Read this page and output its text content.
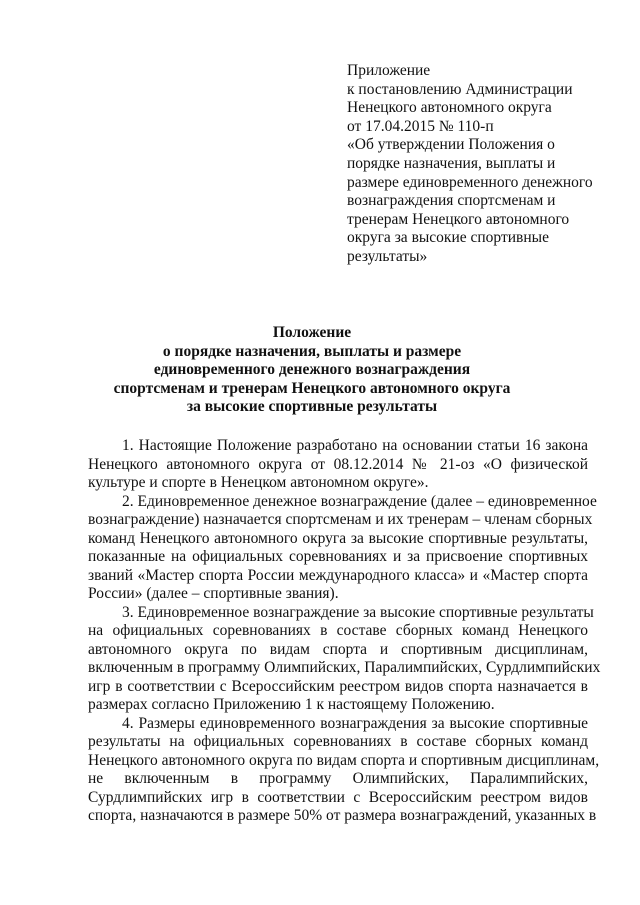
Приложение
к постановлению Администрации
Ненецкого автономного округа
от 17.04.2015 № 110-п
«Об утверждении Положения о
порядке назначения, выплаты и
размере единовременного денежного
вознаграждения спортсменам и
тренерам Ненецкого автономного
округа за высокие спортивные
результаты»
Положение
о порядке назначения, выплаты и размере
единовременного денежного вознаграждения
спортсменам и тренерам Ненецкого автономного округа
за высокие спортивные результаты
1. Настоящие Положение разработано на основании статьи 16 закона
Ненецкого автономного округа от 08.12.2014 № 21-оз «О физической
культуре и спорте в Ненецком автономном округе».
2. Единовременное денежное вознаграждение (далее – единовременное
вознаграждение) назначается спортсменам и их тренерам – членам сборных
команд Ненецкого автономного округа за высокие спортивные результаты,
показанные на официальных соревнованиях и за присвоение спортивных
званий «Мастер спорта России международного класса» и «Мастер спорта
России» (далее – спортивные звания).
3. Единовременное вознаграждение за высокие спортивные результаты
на официальных соревнованиях в составе сборных команд Ненецкого
автономного округа по видам спорта и спортивным дисциплинам,
включенным в программу Олимпийских, Паралимпийских, Сурдлимпийских
игр в соответствии с Всероссийским реестром видов спорта назначается в
размерах согласно Приложению 1 к настоящему Положению.
4. Размеры единовременного вознаграждения за высокие спортивные
результаты на официальных соревнованиях в составе сборных команд
Ненецкого автономного округа по видам спорта и спортивным дисциплинам,
не включенным в программу Олимпийских, Паралимпийских,
Сурдлимпийских игр в соответствии с Всероссийским реестром видов
спорта, назначаются в размере 50% от размера вознаграждений, указанных в
